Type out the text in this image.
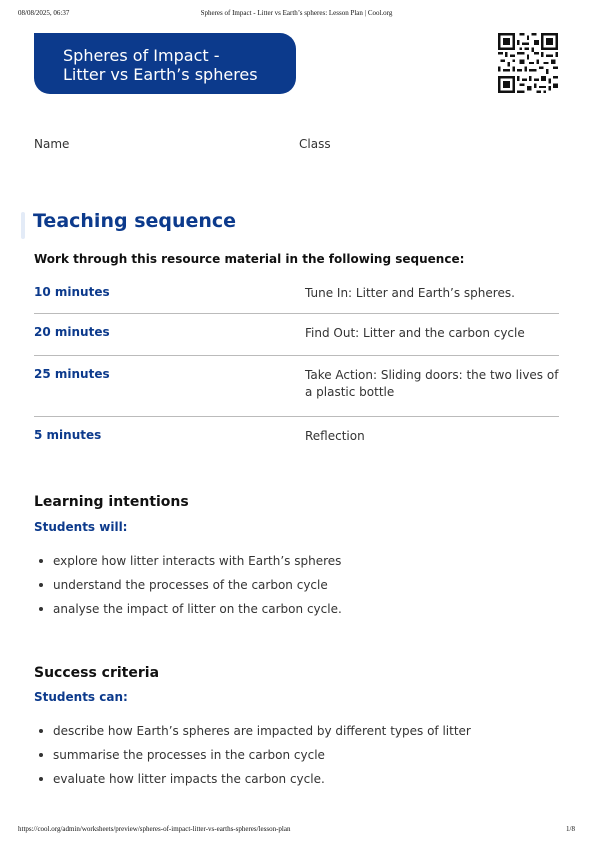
08/08/2025, 06:37	Spheres of Impact - Litter vs Earth’s spheres: Lesson Plan | Cool.org
Spheres of Impact -
Litter vs Earth’s spheres
Name	Class
Teaching sequence
Work through this resource material in the following sequence:
10 minutes	Tune In: Litter and Earth’s spheres.
20 minutes	Find Out: Litter and the carbon cycle
25 minutes	Take Action: Sliding doors: the two lives of a plastic bottle
5 minutes	Reflection
Learning intentions
Students will:
explore how litter interacts with Earth’s spheres
understand the processes of the carbon cycle
analyse the impact of litter on the carbon cycle.
Success criteria
Students can:
describe how Earth’s spheres are impacted by different types of litter
summarise the processes in the carbon cycle
evaluate how litter impacts the carbon cycle.
https://cool.org/admin/worksheets/preview/spheres-of-impact-litter-vs-earths-spheres/lesson-plan	1/8
